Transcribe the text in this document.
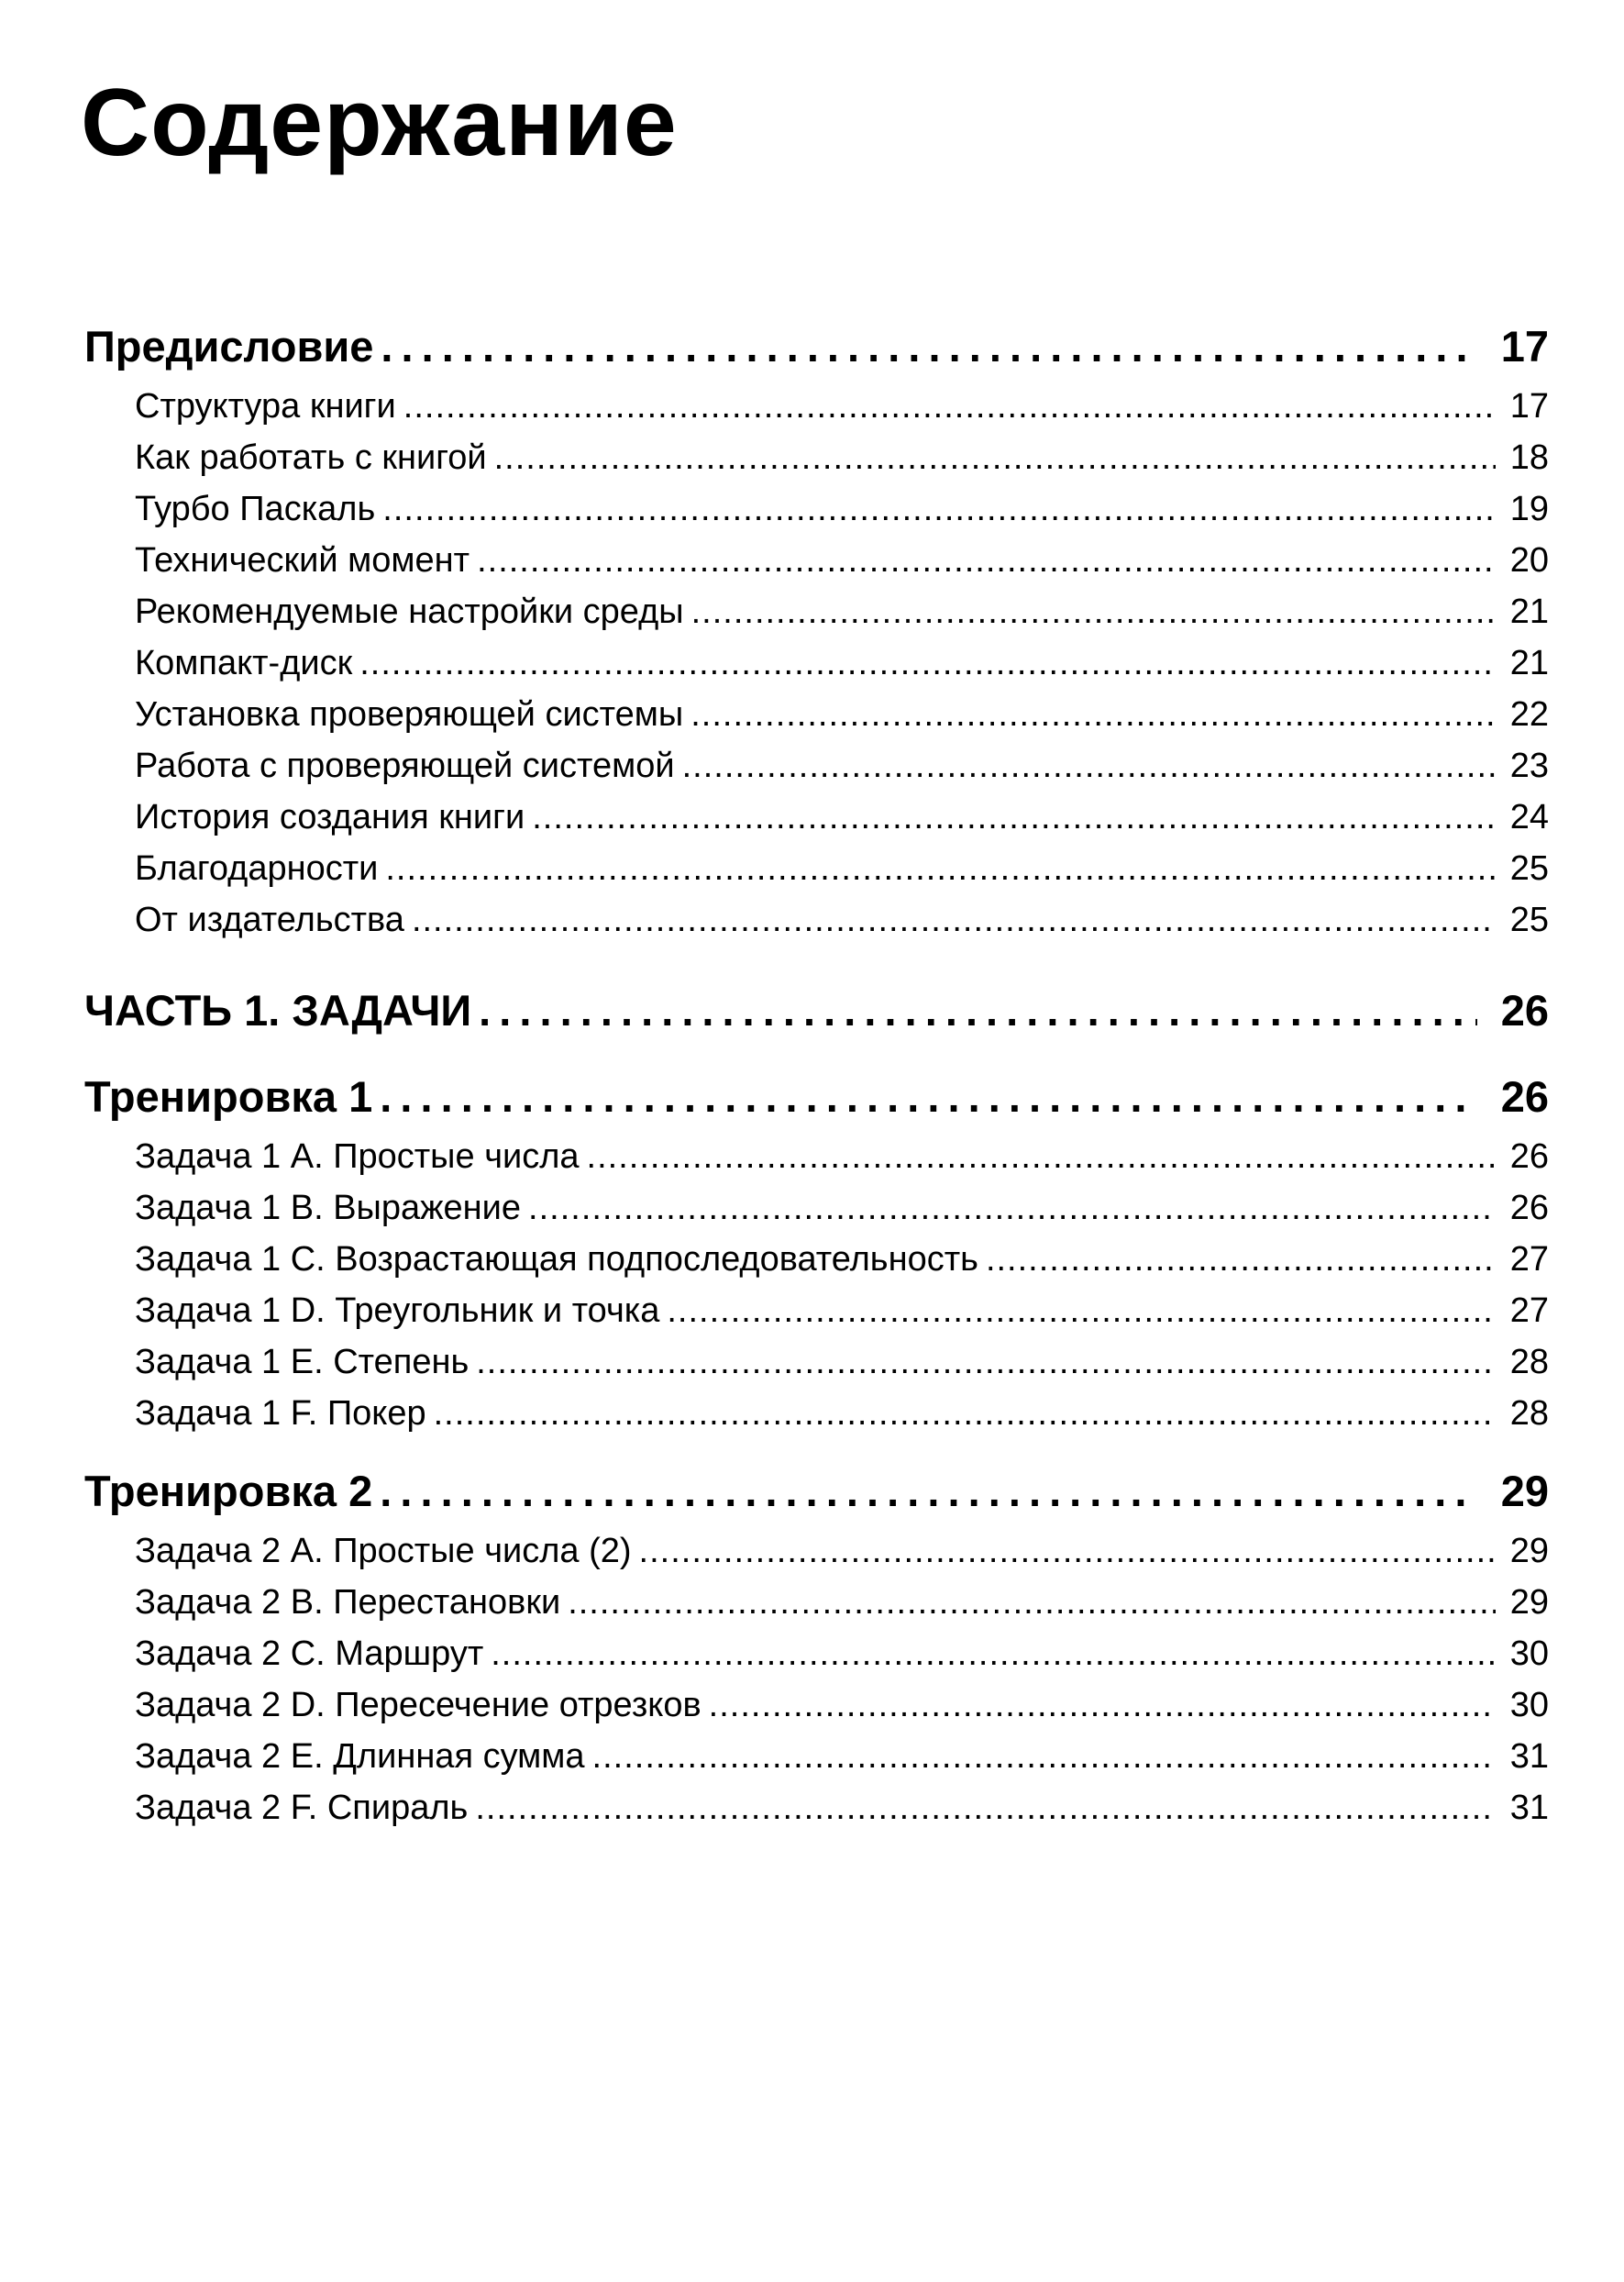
Содержание
Предисловие . . .	17
Структура книги .....	17
Как работать с книгой .....	18
Турбо Паскаль .....	19
Технический момент .....	20
Рекомендуемые настройки среды .....	21
Компакт-диск .....	21
Установка проверяющей системы .....	22
Работа с проверяющей системой .....	23
История создания книги .....	24
Благодарности .....	25
От издательства .....	25
ЧАСТЬ 1. ЗАДАЧИ . . .	26
Тренировка 1 . . .	26
Задача 1 A. Простые числа .....	26
Задача 1 B. Выражение .....	26
Задача 1 C. Возрастающая подпоследовательность .....	27
Задача 1 D. Треугольник и точка .....	27
Задача 1 E. Степень .....	28
Задача 1 F. Покер .....	28
Тренировка 2 . . .	29
Задача 2 A. Простые числа (2) .....	29
Задача 2 B. Перестановки .....	29
Задача 2 C. Маршрут .....	30
Задача 2 D. Пересечение отрезков .....	30
Задача 2 E. Длинная сумма .....	31
Задача 2 F. Спираль .....	31
